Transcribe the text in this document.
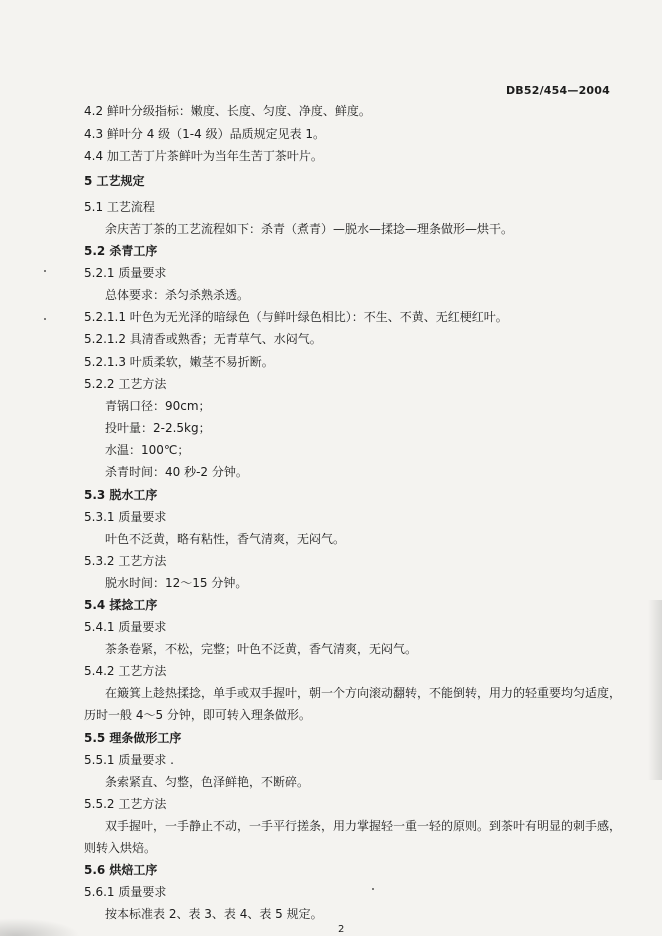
DB52/454—2004
4.2 鲜叶分级指标：嫩度、长度、匀度、净度、鲜度。
4.3 鲜叶分 4 级（1-4 级）品质规定见表 1。
4.4 加工苦丁片茶鲜叶为当年生苦丁茶叶片。
5 工艺规定
5.1 工艺流程
余庆苦丁茶的工艺流程如下：杀青（煮青）—脱水—揉捻—理条做形—烘干。
5.2 杀青工序
5.2.1 质量要求
总体要求：杀匀杀熟杀透。
5.2.1.1 叶色为无光泽的暗绿色（与鲜叶绿色相比）：不生、不黄、无红梗红叶。
5.2.1.2 具清香或熟香；无青草气、水闷气。
5.2.1.3 叶质柔软，嫩茎不易折断。
5.2.2 工艺方法
青锅口径：90cm；
投叶量：2-2.5kg；
水温：100℃；
杀青时间：40 秒-2 分钟。
5.3 脱水工序
5.3.1 质量要求
叶色不泛黄，略有粘性，香气清爽，无闷气。
5.3.2 工艺方法
脱水时间：12～15 分钟。
5.4 揉捻工序
5.4.1 质量要求
茶条卷紧，不松，完整；叶色不泛黄，香气清爽，无闷气。
5.4.2 工艺方法
在簸箕上趁热揉捻，单手或双手握叶，朝一个方向滚动翻转，不能倒转，用力的轻重要均匀适度，
历时一般 4～5 分钟，即可转入理条做形。
5.5 理条做形工序
5.5.1 质量要求 .
条索紧直、匀整，色泽鲜艳，不断碎。
5.5.2 工艺方法
双手握叶，一手静止不动，一手平行搓条，用力掌握轻一重一轻的原则。到茶叶有明显的刺手感，
则转入烘焙。
5.6 烘焙工序
5.6.1 质量要求
按本标准表 2、表 3、表 4、表 5 规定。
2
